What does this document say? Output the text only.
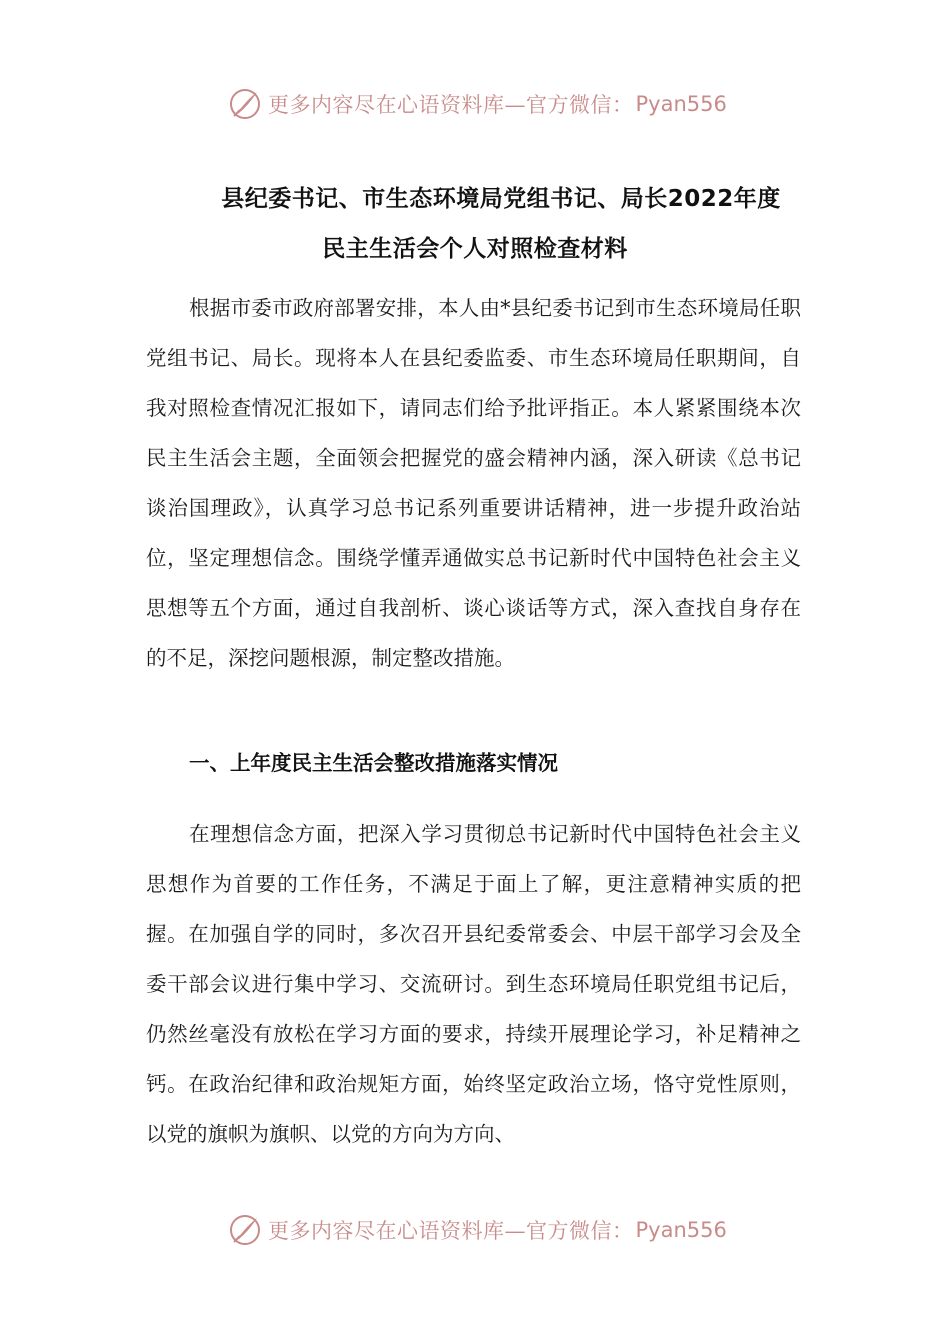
更多内容尽在心语资料库—官方微信： Pyan556
县纪委书记、市生态环境局党组书记、局长2022年度
民主生活会个人对照检查材料

根据市委市政府部署安排，本人由*县纪委书记到市生态环境局任职党组书记、局长。现将本人在县纪委监委、市生态环境局任职期间，自我对照检查情况汇报如下，请同志们给予批评指正。本人紧紧围绕本次民主生活会主题，全面领会把握党的盛会精神内涵，深入研读《总书记谈治国理政》，认真学习总书记系列重要讲话精神，进一步提升政治站位，坚定理想信念。围绕学懂弄通做实总书记新时代中国特色社会主义思想等五个方面，通过自我剖析、谈心谈话等方式，深入查找自身存在的不足，深挖问题根源，制定整改措施。

一、上年度民主生活会整改措施落实情况

在理想信念方面，把深入学习贯彻总书记新时代中国特色社会主义思想作为首要的工作任务，不满足于面上了解，更注意精神实质的把握。在加强自学的同时，多次召开县纪委常委会、中层干部学习会及全委干部会议进行集中学习、交流研讨。到生态环境局任职党组书记后，仍然丝毫没有放松在学习方面的要求，持续开展理论学习，补足精神之钙。在政治纪律和政治规矩方面，始终坚定政治立场，恪守党性原则，以党的旗帜为旗帜、以党的方向为方向、

更多内容尽在心语资料库—官方微信： Pyan556
